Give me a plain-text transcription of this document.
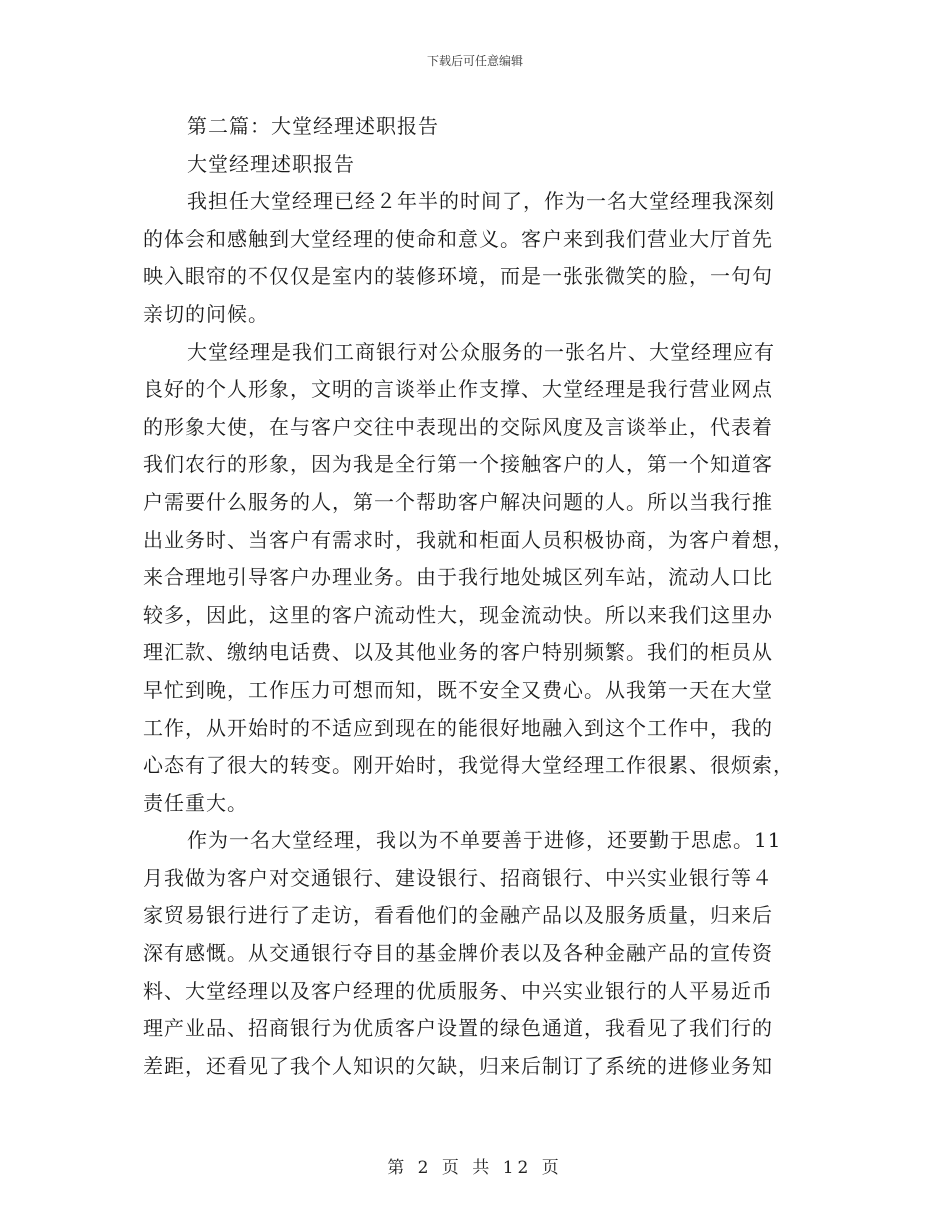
下载后可任意编辑
第二篇：大堂经理述职报告
大堂经理述职报告
我担任大堂经理已经２年半的时间了，作为一名大堂经理我深刻
的体会和感触到大堂经理的使命和意义。客户来到我们营业大厅首先
映入眼帘的不仅仅是室内的装修环境，而是一张张微笑的脸，一句句
亲切的问候。
大堂经理是我们工商银行对公众服务的一张名片、大堂经理应有
良好的个人形象，文明的言谈举止作支撑、大堂经理是我行营业网点
的形象大使，在与客户交往中表现出的交际风度及言谈举止，代表着
我们农行的形象，因为我是全行第一个接触客户的人，第一个知道客
户需要什么服务的人，第一个帮助客户解决问题的人。所以当我行推
出业务时、当客户有需求时，我就和柜面人员积极协商，为客户着想，
来合理地引导客户办理业务。由于我行地处城区列车站，流动人口比
较多，因此，这里的客户流动性大，现金流动快。所以来我们这里办
理汇款、缴纳电话费、以及其他业务的客户特别频繁。我们的柜员从
早忙到晚，工作压力可想而知，既不安全又费心。从我第一天在大堂
工作，从开始时的不适应到现在的能很好地融入到这个工作中，我的
心态有了很大的转变。刚开始时，我觉得大堂经理工作很累、很烦索，
责任重大。
作为一名大堂经理，我以为不单要善于进修，还要勤于思虑。11
月我做为客户对交通银行、建设银行、招商银行、中兴实业银行等４
家贸易银行进行了走访，看看他们的金融产品以及服务质量，归来后
深有感慨。从交通银行夺目的基金牌价表以及各种金融产品的宣传资
料、大堂经理以及客户经理的优质服务、中兴实业银行的人平易近币
理产业品、招商银行为优质客户设置的绿色通道，我看见了我们行的
差距，还看见了我个人知识的欠缺，归来后制订了系统的进修业务知
第 2 页 共 12 页
